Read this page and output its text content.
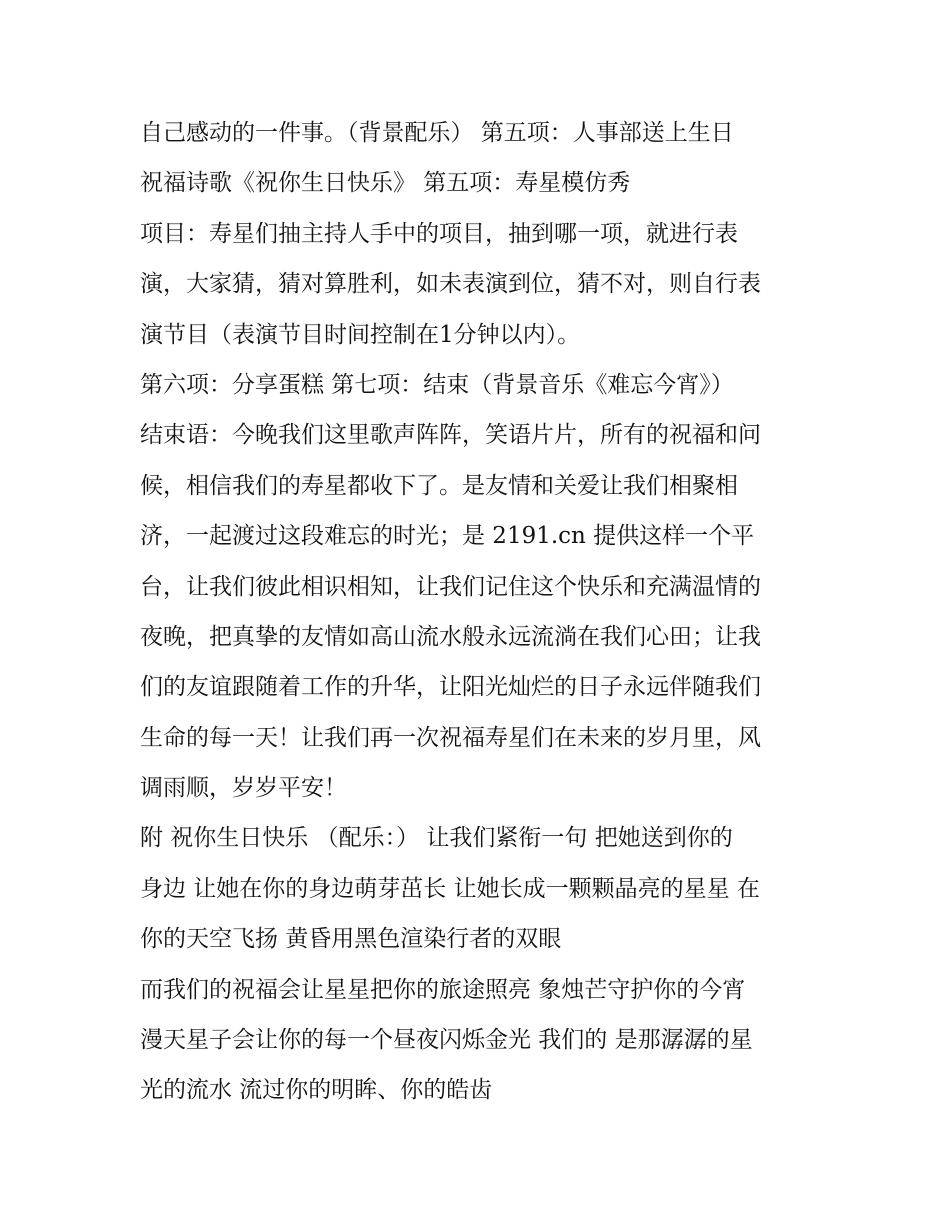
自己感动的一件事。（背景配乐） 第五项：人事部送上生日
祝福诗歌《祝你生日快乐》 第五项：寿星模仿秀
项目：寿星们抽主持人手中的项目，抽到哪一项，就进行表
演，大家猜，猜对算胜利，如未表演到位，猜不对，则自行表
演节目（表演节目时间控制在1分钟以内）。
第六项：分享蛋糕 第七项：结束（背景音乐《难忘今宵》）
结束语：今晚我们这里歌声阵阵，笑语片片，所有的祝福和问
候，相信我们的寿星都收下了。是友情和关爱让我们相聚相
济，一起渡过这段难忘的时光；是 2191.cn 提供这样一个平
台，让我们彼此相识相知，让我们记住这个快乐和充满温情的
夜晚，把真挚的友情如高山流水般永远流淌在我们心田；让我
们的友谊跟随着工作的升华，让阳光灿烂的日子永远伴随我们
生命的每一天！让我们再一次祝福寿星们在未来的岁月里，风
调雨顺，岁岁平安！
附 祝你生日快乐 （配乐：） 让我们紧衔一句 把她送到你的
身边 让她在你的身边萌芽茁长 让她长成一颗颗晶亮的星星 在
你的天空飞扬 黄昏用黑色渲染行者的双眼
而我们的祝福会让星星把你的旅途照亮 象烛芒守护你的今宵
漫天星子会让你的每一个昼夜闪烁金光 我们的 是那潺潺的星
光的流水 流过你的明眸、你的皓齿
